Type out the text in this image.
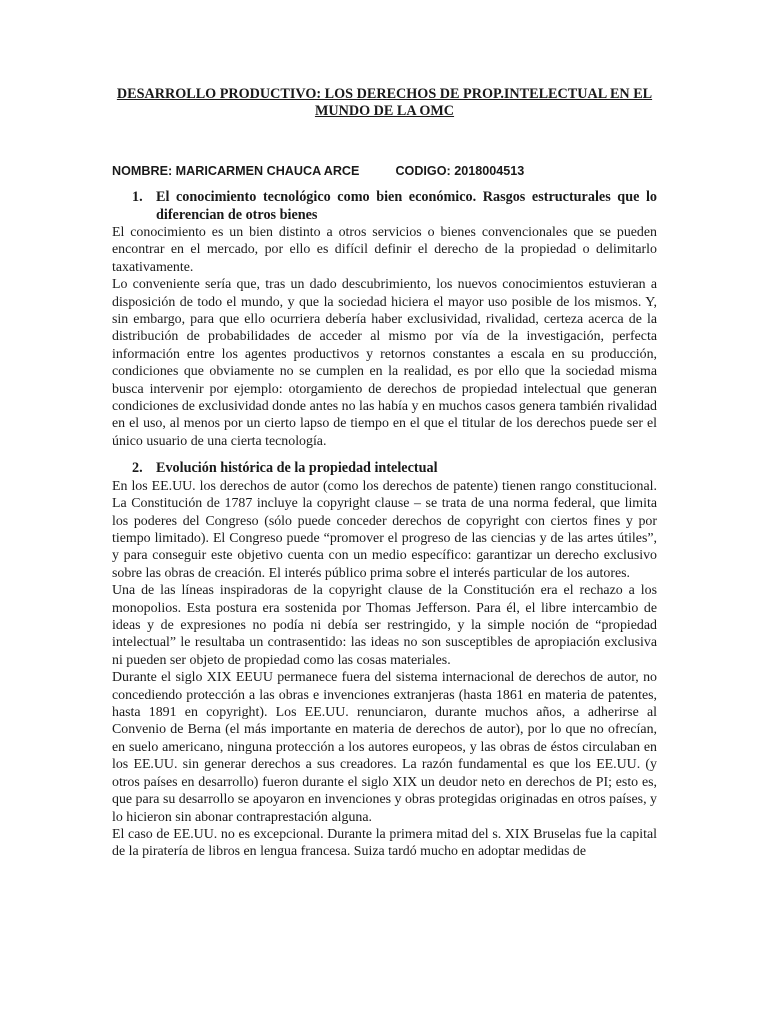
DESARROLLO PRODUCTIVO: LOS DERECHOS DE PROP.INTELECTUAL EN EL MUNDO DE LA OMC
NOMBRE: MARICARMEN CHAUCA ARCE	CODIGO: 2018004513
1. El conocimiento tecnológico como bien económico. Rasgos estructurales que lo diferencian de otros bienes

El conocimiento es un bien distinto a otros servicios o bienes convencionales que se pueden encontrar en el mercado, por ello es difícil definir el derecho de la propiedad o delimitarlo taxativamente.

Lo conveniente sería que, tras un dado descubrimiento, los nuevos conocimientos estuvieran a disposición de todo el mundo, y que la sociedad hiciera el mayor uso posible de los mismos. Y, sin embargo, para que ello ocurriera debería haber exclusividad, rivalidad, certeza acerca de la distribución de probabilidades de acceder al mismo por vía de la investigación, perfecta información entre los agentes productivos y retornos constantes a escala en su producción, condiciones que obviamente no se cumplen en la realidad, es por ello que la sociedad misma busca intervenir por ejemplo: otorgamiento de derechos de propiedad intelectual que generan condiciones de exclusividad donde antes no las había y en muchos casos genera también rivalidad en el uso, al menos por un cierto lapso de tiempo en el que el titular de los derechos puede ser el único usuario de una cierta tecnología.

2. Evolución histórica de la propiedad intelectual

En los EE.UU. los derechos de autor (como los derechos de patente) tienen rango constitucional. La Constitución de 1787 incluye la copyright clause – se trata de una norma federal, que limita los poderes del Congreso (sólo puede conceder derechos de copyright con ciertos fines y por tiempo limitado). El Congreso puede “promover el progreso de las ciencias y de las artes útiles”, y para conseguir este objetivo cuenta con un medio específico: garantizar un derecho exclusivo sobre las obras de creación. El interés público prima sobre el interés particular de los autores.

Una de las líneas inspiradoras de la copyright clause de la Constitución era el rechazo a los monopolios. Esta postura era sostenida por Thomas Jefferson. Para él, el libre intercambio de ideas y de expresiones no podía ni debía ser restringido, y la simple noción de “propiedad intelectual” le resultaba un contrasentido: las ideas no son susceptibles de apropiación exclusiva ni pueden ser objeto de propiedad como las cosas materiales.

Durante el siglo XIX EEUU permanece fuera del sistema internacional de derechos de autor, no concediendo protección a las obras e invenciones extranjeras (hasta 1861 en materia de patentes, hasta 1891 en copyright). Los EE.UU. renunciaron, durante muchos años, a adherirse al Convenio de Berna (el más importante en materia de derechos de autor), por lo que no ofrecían, en suelo americano, ninguna protección a los autores europeos, y las obras de éstos circulaban en los EE.UU. sin generar derechos a sus creadores. La razón fundamental es que los EE.UU. (y otros países en desarrollo) fueron durante el siglo XIX un deudor neto en derechos de PI; esto es, que para su desarrollo se apoyaron en invenciones y obras protegidas originadas en otros países, y lo hicieron sin abonar contraprestación alguna.

El caso de EE.UU. no es excepcional. Durante la primera mitad del s. XIX Bruselas fue la capital de la piratería de libros en lengua francesa. Suiza tardó mucho en adoptar medidas de
